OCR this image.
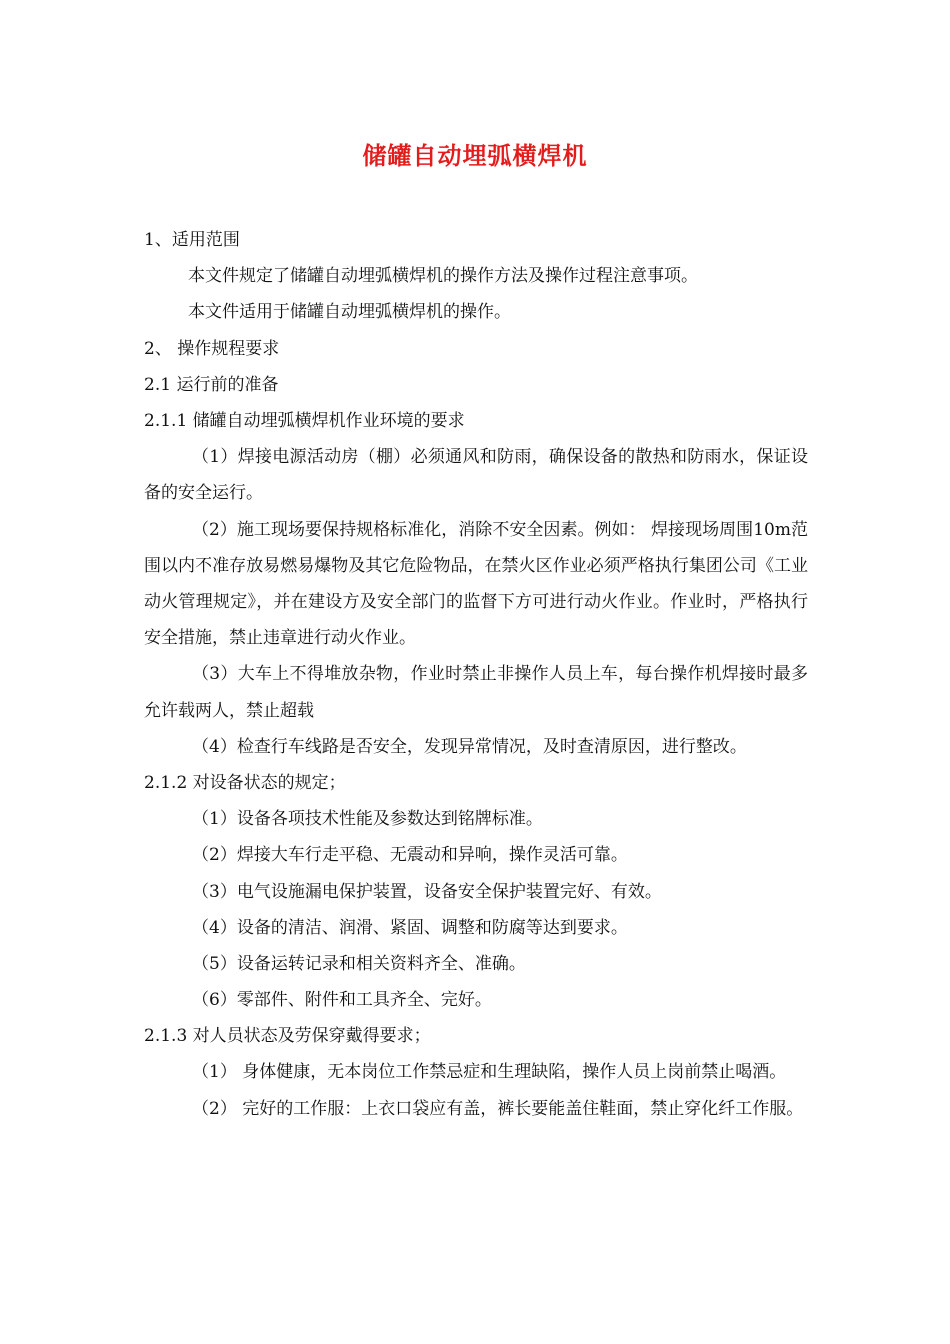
储罐自动埋弧横焊机
1、适用范围
本文件规定了储罐自动埋弧横焊机的操作方法及操作过程注意事项。
本文件适用于储罐自动埋弧横焊机的操作。
2、 操作规程要求
2.1 运行前的准备
2.1.1 储罐自动埋弧横焊机作业环境的要求
（1）焊接电源活动房（棚）必须通风和防雨，确保设备的散热和防雨水，保证设备的安全运行。
（2）施工现场要保持规格标准化，消除不安全因素。例如： 焊接现场周围10m范围以内不准存放易燃易爆物及其它危险物品，在禁火区作业必须严格执行集团公司《工业动火管理规定》，并在建设方及安全部门的监督下方可进行动火作业。作业时，严格执行安全措施，禁止违章进行动火作业。
（3）大车上不得堆放杂物，作业时禁止非操作人员上车，每台操作机焊接时最多允许载两人，禁止超载
（4）检查行车线路是否安全，发现异常情况，及时查清原因，进行整改。
2.1.2 对设备状态的规定；
（1）设备各项技术性能及参数达到铭牌标准。
（2）焊接大车行走平稳、无震动和异响，操作灵活可靠。
（3）电气设施漏电保护装置，设备安全保护装置完好、有效。
（4）设备的清洁、润滑、紧固、调整和防腐等达到要求。
（5）设备运转记录和相关资料齐全、准确。
（6）零部件、附件和工具齐全、完好。
2.1.3 对人员状态及劳保穿戴得要求；
（1） 身体健康，无本岗位工作禁忌症和生理缺陷，操作人员上岗前禁止喝酒。
（2） 完好的工作服：上衣口袋应有盖，裤长要能盖住鞋面，禁止穿化纤工作服。
